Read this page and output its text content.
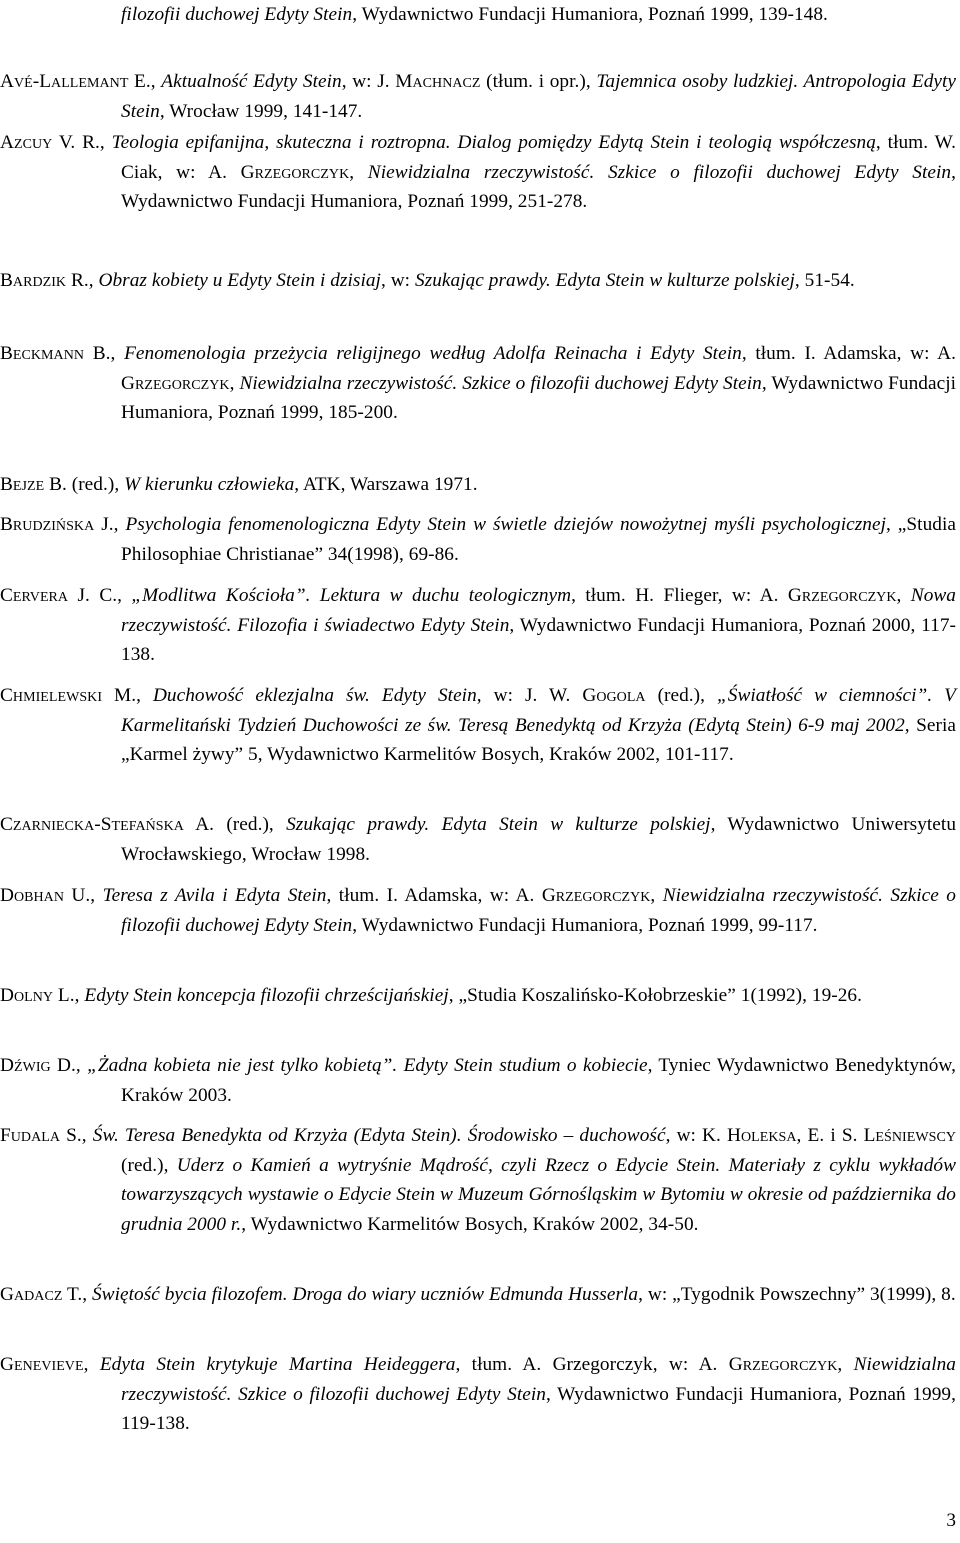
filozofii duchowej Edyty Stein, Wydawnictwo Fundacji Humaniora, Poznań 1999, 139-148.
Avé-Lallemant E., Aktualność Edyty Stein, w: J. Machnacz (tłum. i opr.), Tajemnica osoby ludzkiej. Antropologia Edyty Stein, Wrocław 1999, 141-147.
Azcuy V. R., Teologia epifanijna, skuteczna i roztropna. Dialog pomiędzy Edytą Stein i teologią współczesną, tłum. W. Ciak, w: A. Grzegorczyk, Niewidzialna rzeczywistość. Szkice o filozofii duchowej Edyty Stein, Wydawnictwo Fundacji Humaniora, Poznań 1999, 251-278.
Bardzik R., Obraz kobiety u Edyty Stein i dzisiaj, w: Szukając prawdy. Edyta Stein w kulturze polskiej, 51-54.
Beckmann B., Fenomenologia przeżycia religijnego według Adolfa Reinacha i Edyty Stein, tłum. I. Adamska, w: A. Grzegorczyk, Niewidzialna rzeczywistość. Szkice o filozofii duchowej Edyty Stein, Wydawnictwo Fundacji Humaniora, Poznań 1999, 185-200.
Bejze B. (red.), W kierunku człowieka, ATK, Warszawa 1971.
Brudzińska J., Psychologia fenomenologiczna Edyty Stein w świetle dziejów nowożytnej myśli psychologicznej, „Studia Philosophiae Christianae” 34(1998), 69-86.
Cervera J. C., „Modlitwa Kościoła”. Lektura w duchu teologicznym, tłum. H. Flieger, w: A. Grzegorczyk, Nowa rzeczywistość. Filozofia i świadectwo Edyty Stein, Wydawnictwo Fundacji Humaniora, Poznań 2000, 117-138.
Chmielewski M., Duchowość eklezjalna św. Edyty Stein, w: J. W. Gogola (red.), „Światłość w ciemności”. V Karmelitański Tydzień Duchowości ze św. Teresą Benedyktą od Krzyża (Edytą Stein) 6-9 maj 2002, Seria „Karmel żywy” 5, Wydawnictwo Karmelitów Bosych, Kraków 2002, 101-117.
Czarniecka-Stefańska A. (red.), Szukając prawdy. Edyta Stein w kulturze polskiej, Wydawnictwo Uniwersytetu Wrocławskiego, Wrocław 1998.
Dobhan U., Teresa z Avila i Edyta Stein, tłum. I. Adamska, w: A. Grzegorczyk, Niewidzialna rzeczywistość. Szkice o filozofii duchowej Edyty Stein, Wydawnictwo Fundacji Humaniora, Poznań 1999, 99-117.
Dolny L., Edyty Stein koncepcja filozofii chrześcijańskiej, „Studia Koszalińsko-Kołobrzeskie” 1(1992), 19-26.
Dźwig D., „Żadna kobieta nie jest tylko kobietą”. Edyty Stein studium o kobiecie, Tyniec Wydawnictwo Benedyktynów, Kraków 2003.
Fudala S., Św. Teresa Benedykta od Krzyża (Edyta Stein). Środowisko – duchowość, w: K. Holeksa, E. i S. Leśniewscy (red.), Uderz o Kamień a wytryśnie Mądrość, czyli Rzecz o Edycie Stein. Materiały z cyklu wykładów towarzyszących wystawie o Edycie Stein w Muzeum Górnośląskim w Bytomiu w okresie od października do grudnia 2000 r., Wydawnictwo Karmelitów Bosych, Kraków 2002, 34-50.
Gadacz T., Świętość bycia filozofem. Droga do wiary uczniów Edmunda Husserla, w: „Tygodnik Powszechny” 3(1999), 8.
Genevieve, Edyta Stein krytykuje Martina Heideggera, tłum. A. Grzegorczyk, w: A. Grzegorczyk, Niewidzialna rzeczywistość. Szkice o filozofii duchowej Edyty Stein, Wydawnictwo Fundacji Humaniora, Poznań 1999, 119-138.
3
